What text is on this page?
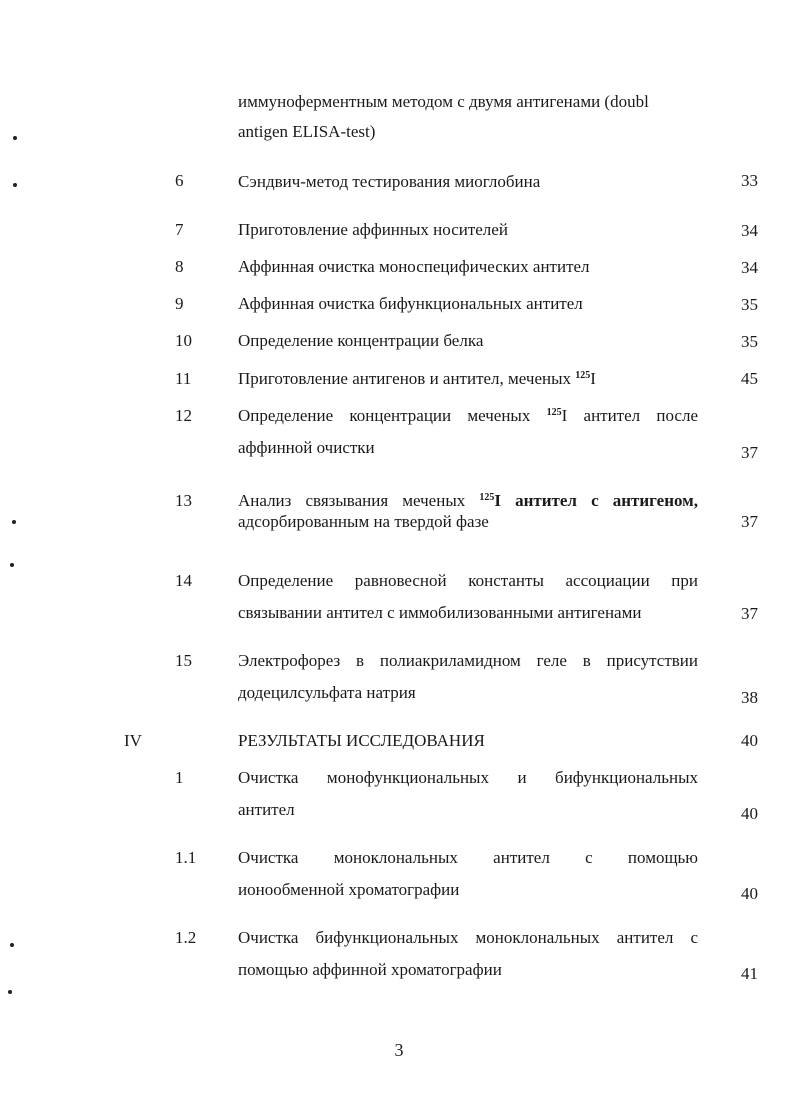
иммуноферментным методом с двумя антигенами (doubl
antigen ELISA-test)
6	Сэндвич-метод тестирования миоглобина	33
7	Приготовление аффинных носителей	34
8	Аффинная очистка моноспецифических антител	34
9	Аффинная очистка бифункциональных антител	35
10	Определение концентрации белка	35
11	Приготовление антигенов и антител, меченых $^{125}$I	45
12	Определение концентрации меченых $^{125}$I антител после
аффинной очистки	37
13	Анализ связывания меченых $^{125}$I антител с антигеном,
адсорбированным на твердой фазе	37
14	Определение равновесной константы ассоциации при
связывании антител с иммобилизованными антигенами	37
15	Электрофорез в полиакриламидном геле в присутствии
додецилсульфата натрия	38
IV	РЕЗУЛЬТАТЫ ИССЛЕДОВАНИЯ	40
1	Очистка монофункциональных и бифункциональных
антител	40
1.1 Очистка моноклональных антител с помощью
ионообменной хроматографии	40
1.2 Очистка бифункциональных моноклональных антител с
помощью аффинной хроматографии	41
3
